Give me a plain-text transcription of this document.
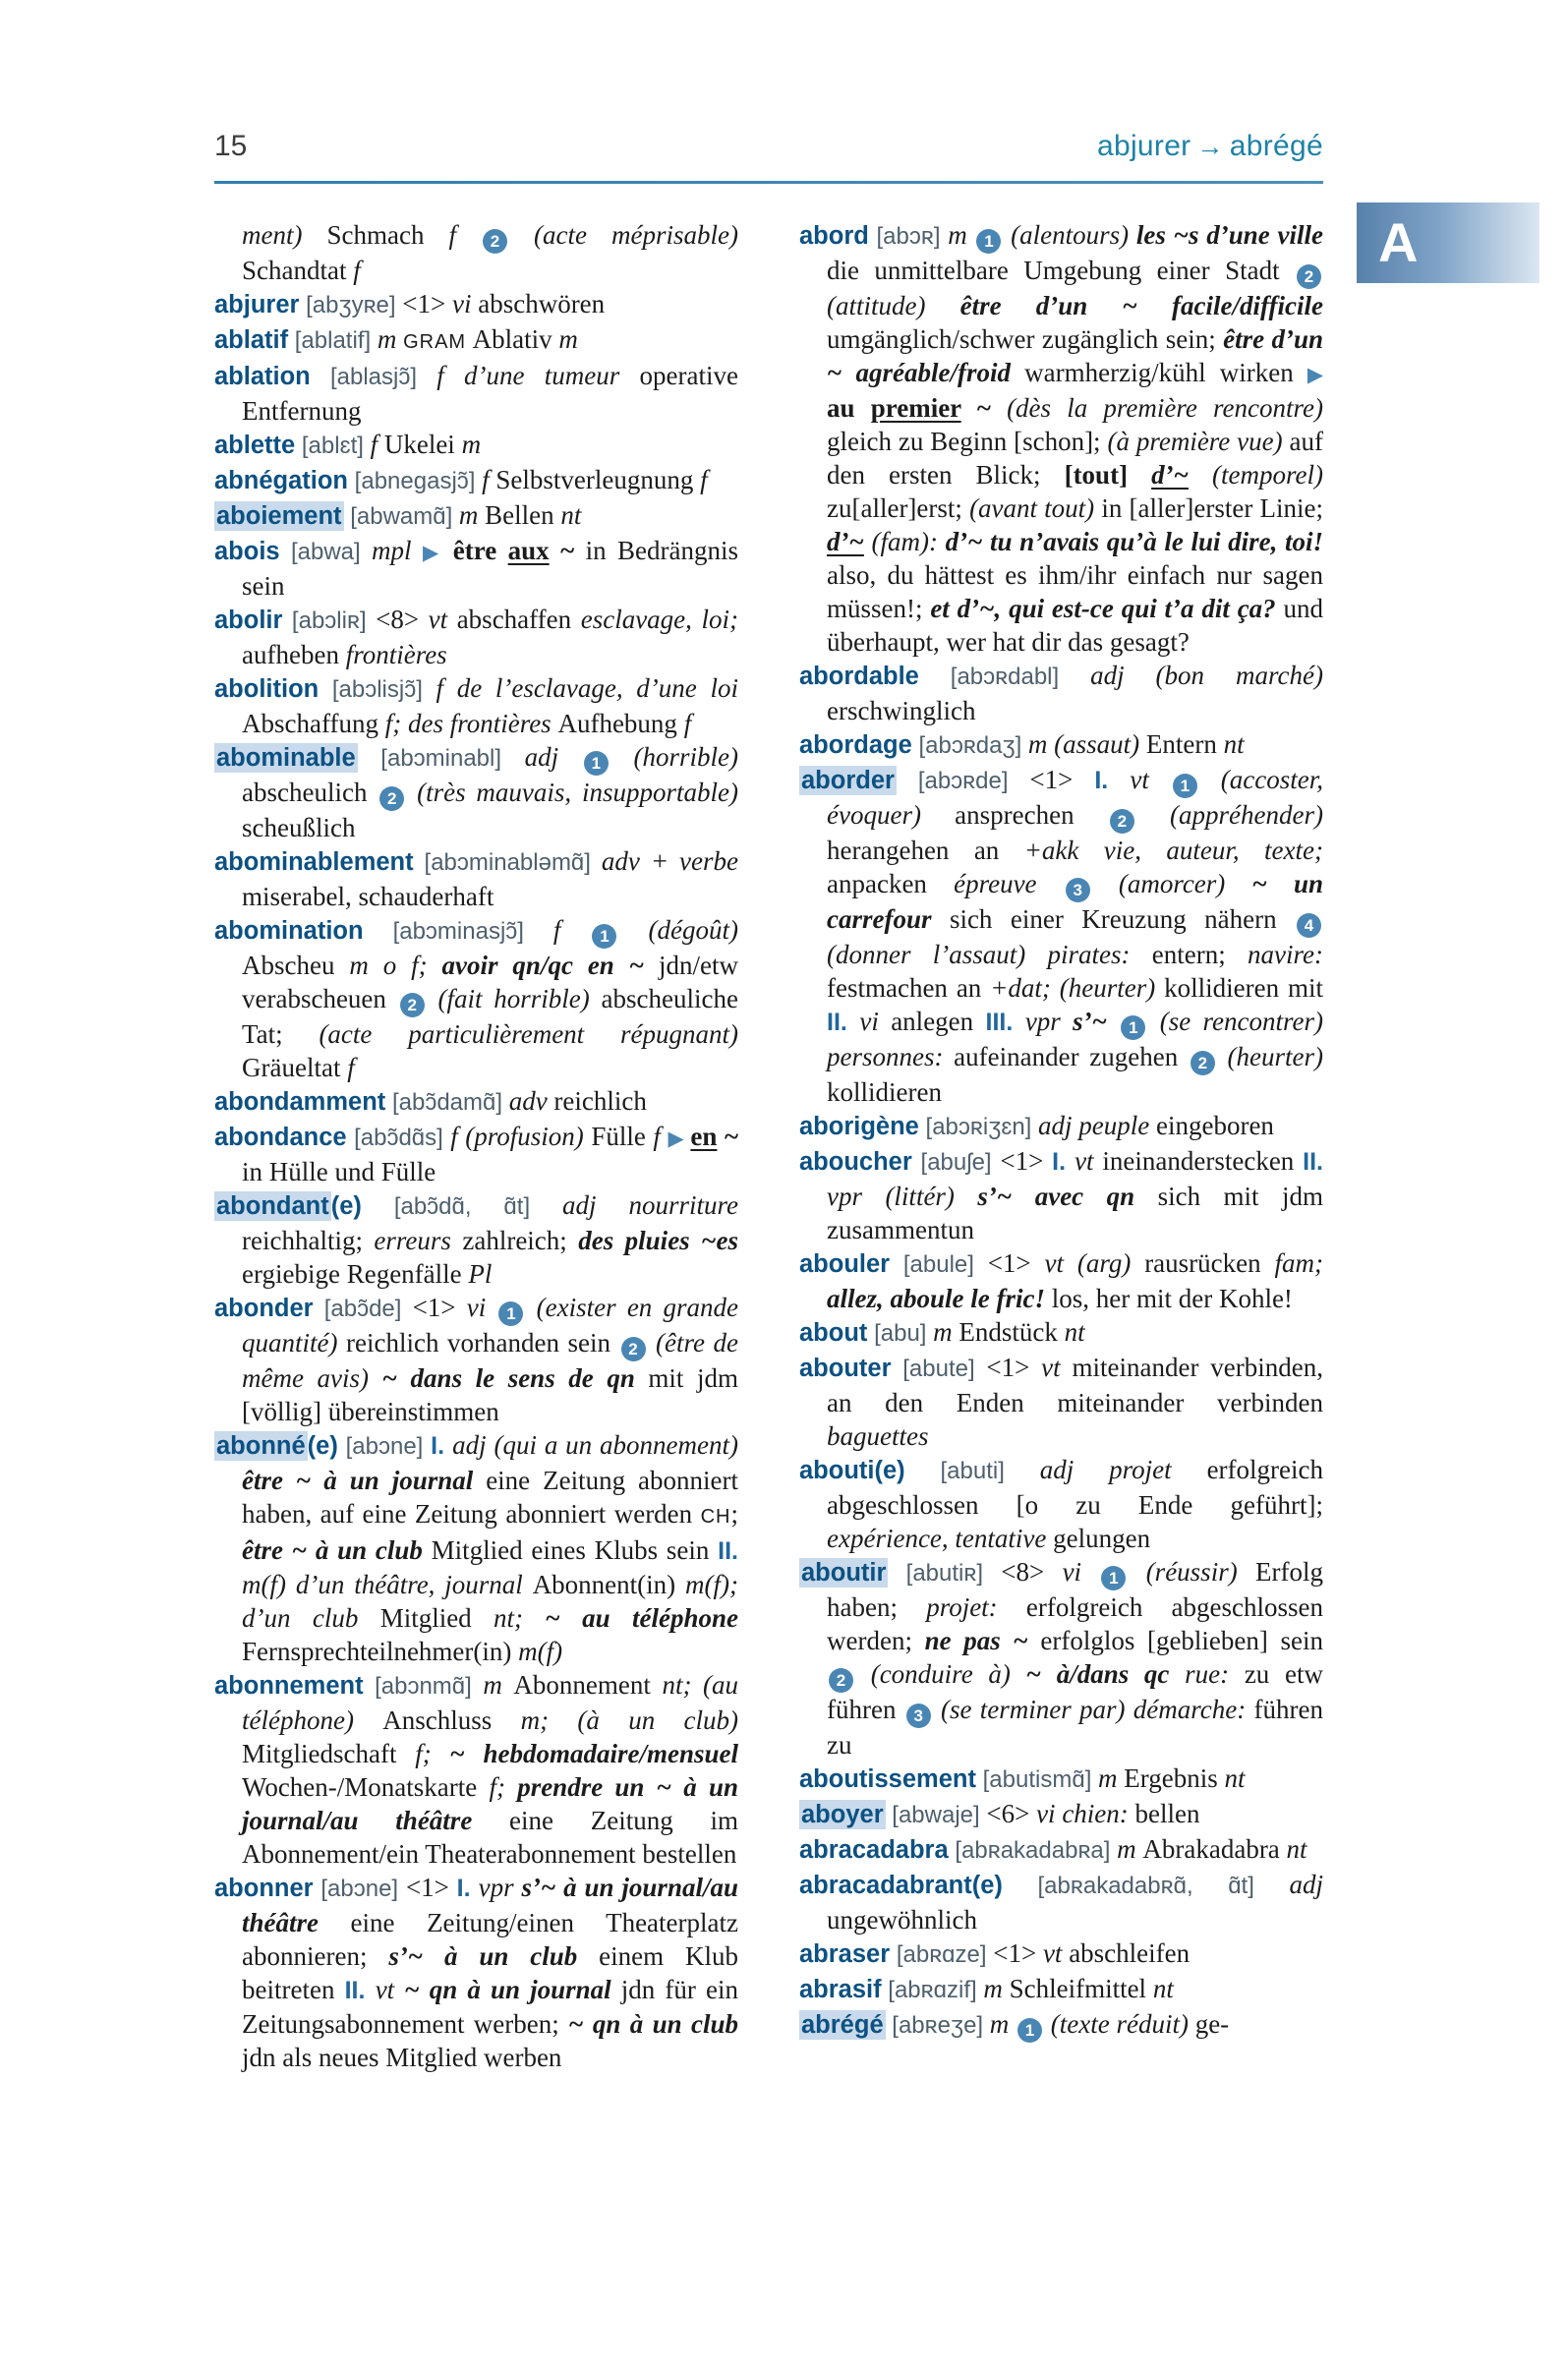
15	abjurer → abrégé
A

ment) Schmach f 2 (acte méprisable) Schandtat f

abjurer [abʒyʀe] <1> vi abschwören

ablatif [ablatif] m GRAM Ablativ m

ablation [ablasjɔ̃] f d’une tumeur operative Entfernung

ablette [ablɛt] f Ukelei m

abnégation [abnegasjɔ̃] f Selbstverleugnung f

aboiement [abwamɑ̃] m Bellen nt

abois [abwa] mpl ▶ être aux ~ in Bedrängnis sein

abolir [abɔliʀ] <8> vt abschaffen esclavage, loi; aufheben frontières

abolition [abɔlisjɔ̃] f de l’esclavage, d’une loi Abschaffung f; des frontières Aufhebung f

abominable [abɔminabl] adj 1 (horrible) abscheulich 2 (très mauvais, insupportable) scheußlich

abominablement [abɔminabləmɑ̃] adv + verbe miserabel, schauderhaft

abomination [abɔminasjɔ̃] f 1 (dégoût) Abscheu m o f; avoir qn/qc en ~ jdn/etw verabscheuen 2 (fait horrible) abscheuliche Tat; (acte particulièrement répugnant) Gräueltat f

abondamment [abɔ̃damɑ̃] adv reichlich

abondance [abɔ̃dɑ̃s] f (profusion) Fülle f ▶ en ~ in Hülle und Fülle

abondant(e) [abɔ̃dɑ̃, ɑ̃t] adj nourriture reichhaltig; erreurs zahlreich; des pluies ~es ergiebige Regenfälle Pl

abonder [abɔ̃de] <1> vi 1 (exister en grande quantité) reichlich vorhanden sein 2 (être de même avis) ~ dans le sens de qn mit jdm [völlig] übereinstimmen

abonné(e) [abɔne] I. adj (qui a un abonnement) être ~ à un journal eine Zeitung abonniert haben, auf eine Zeitung abonniert werden CH; être ~ à un club Mitglied eines Klubs sein II. m(f) d’un théâtre, journal Abonnent(in) m(f); d’un club Mitglied nt; ~ au téléphone Fernsprechteilnehmer(in) m(f)

abonnement [abɔnmɑ̃] m Abonnement nt; (au téléphone) Anschluss m; (à un club) Mitgliedschaft f; ~ hebdomadaire/mensuel Wochen-/Monatskarte f; prendre un ~ à un journal/au théâtre eine Zeitung im Abonnement/ein Theaterabonnement bestellen

abonner [abɔne] <1> I. vpr s’~ à un journal/au théâtre eine Zeitung/einen Theaterplatz abonnieren; s’~ à un club einem Klub beitreten II. vt ~ qn à un journal jdn für ein Zeitungsabonnement werben; ~ qn à un club jdn als neues Mitglied werben

abord [abɔʀ] m 1 (alentours) les ~s d’une ville die unmittelbare Umgebung einer Stadt 2 (attitude) être d’un ~ facile/difficile umgänglich/schwer zugänglich sein; être d’un ~ agréable/froid warmherzig/kühl wirken ▶ au premier ~ (dès la première rencontre) gleich zu Beginn [schon]; (à première vue) auf den ersten Blick; [tout] d’~ (temporel) zu[aller]erst; (avant tout) in [aller]erster Linie; d’~ (fam): d’~ tu n’avais qu’à le lui dire, toi! also, du hättest es ihm/ihr einfach nur sagen müssen!; et d’~, qui est-ce qui t’a dit ça? und überhaupt, wer hat dir das gesagt?

abordable [abɔʀdabl] adj (bon marché) erschwinglich

abordage [abɔʀdaʒ] m (assaut) Entern nt

aborder [abɔʀde] <1> I. vt 1 (accoster, évoquer) ansprechen 2 (appréhender) herangehen an +akk vie, auteur, texte; anpacken épreuve 3 (amorcer) ~ un carrefour sich einer Kreuzung nähern 4 (donner l’assaut) pirates: entern; navire: festmachen an +dat; (heurter) kollidieren mit II. vi anlegen III. vpr s’~ 1 (se rencontrer) personnes: aufeinander zugehen 2 (heurter) kollidieren

aborigène [abɔʀiʒɛn] adj peuple eingeboren

aboucher [abuʃe] <1> I. vt ineinanderstecken II. vpr (littér) s’~ avec qn sich mit jdm zusammentun

abouler [abule] <1> vt (arg) rausrücken fam; allez, aboule le fric! los, her mit der Kohle!

about [abu] m Endstück nt

abouter [abute] <1> vt miteinander verbinden, an den Enden miteinander verbinden baguettes

abouti(e) [abuti] adj projet erfolgreich abgeschlossen [o zu Ende geführt]; expérience, tentative gelungen

aboutir [abutiʀ] <8> vi 1 (réussir) Erfolg haben; projet: erfolgreich abgeschlossen werden; ne pas ~ erfolglos [geblieben] sein 2 (conduire à) ~ à/dans qc rue: zu etw führen 3 (se terminer par) démarche: führen zu

aboutissement [abutismɑ̃] m Ergebnis nt

aboyer [abwaje] <6> vi chien: bellen

abracadabra [abʀakadabʀa] m Abrakadabra nt

abracadabrant(e) [abʀakadabʀɑ̃, ɑ̃t] adj ungewöhnlich

abraser [abʀɑze] <1> vt abschleifen

abrasif [abʀɑzif] m Schleifmittel nt

abrégé [abʀeʒe] m 1 (texte réduit) ge-
